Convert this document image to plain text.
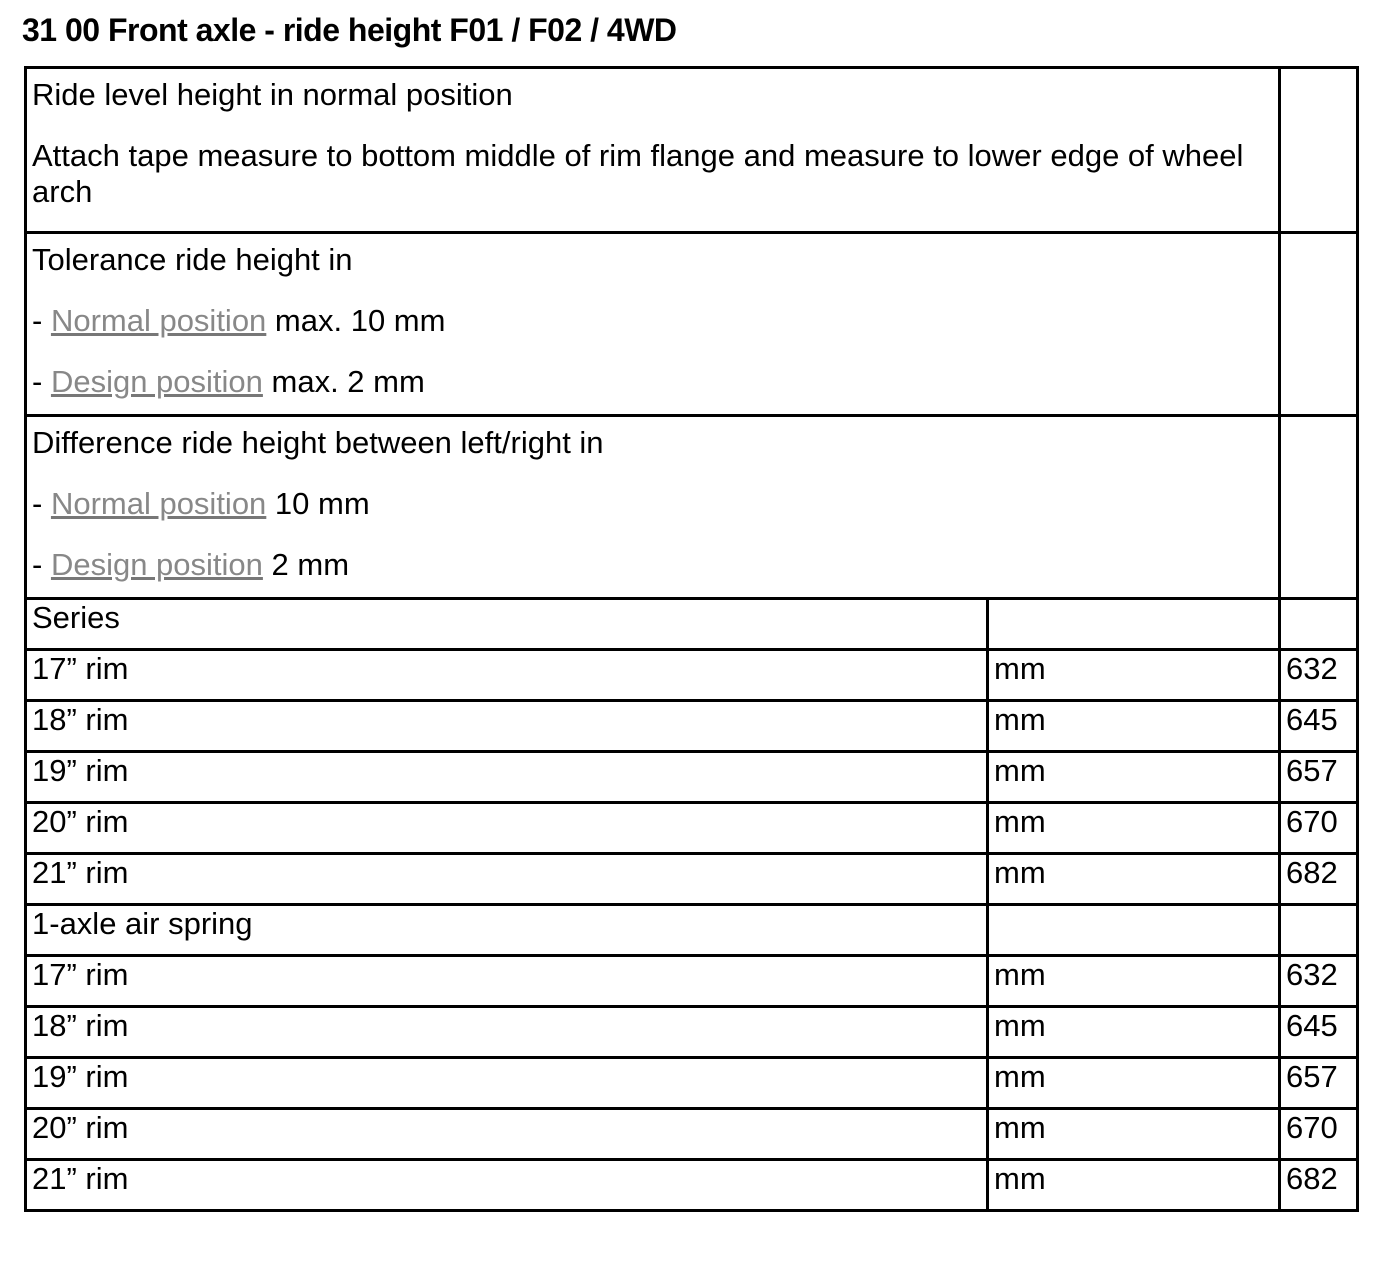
31 00 Front axle - ride height F01 / F02 / 4WD

Ride level height in normal position

Attach tape measure to bottom middle of rim flange and measure to lower edge of wheel arch		

Tolerance ride height in

- Normal position max. 10 mm

- Design position max. 2 mm		

Difference ride height between left/right in

- Normal position 10 mm

- Design position 2 mm		

Series		
17” rim	mm	632
18” rim	mm	645
19” rim	mm	657
20” rim	mm	670
21” rim	mm	682
1-axle air spring		
17” rim	mm	632
18” rim	mm	645
19” rim	mm	657
20” rim	mm	670
21” rim	mm	682
